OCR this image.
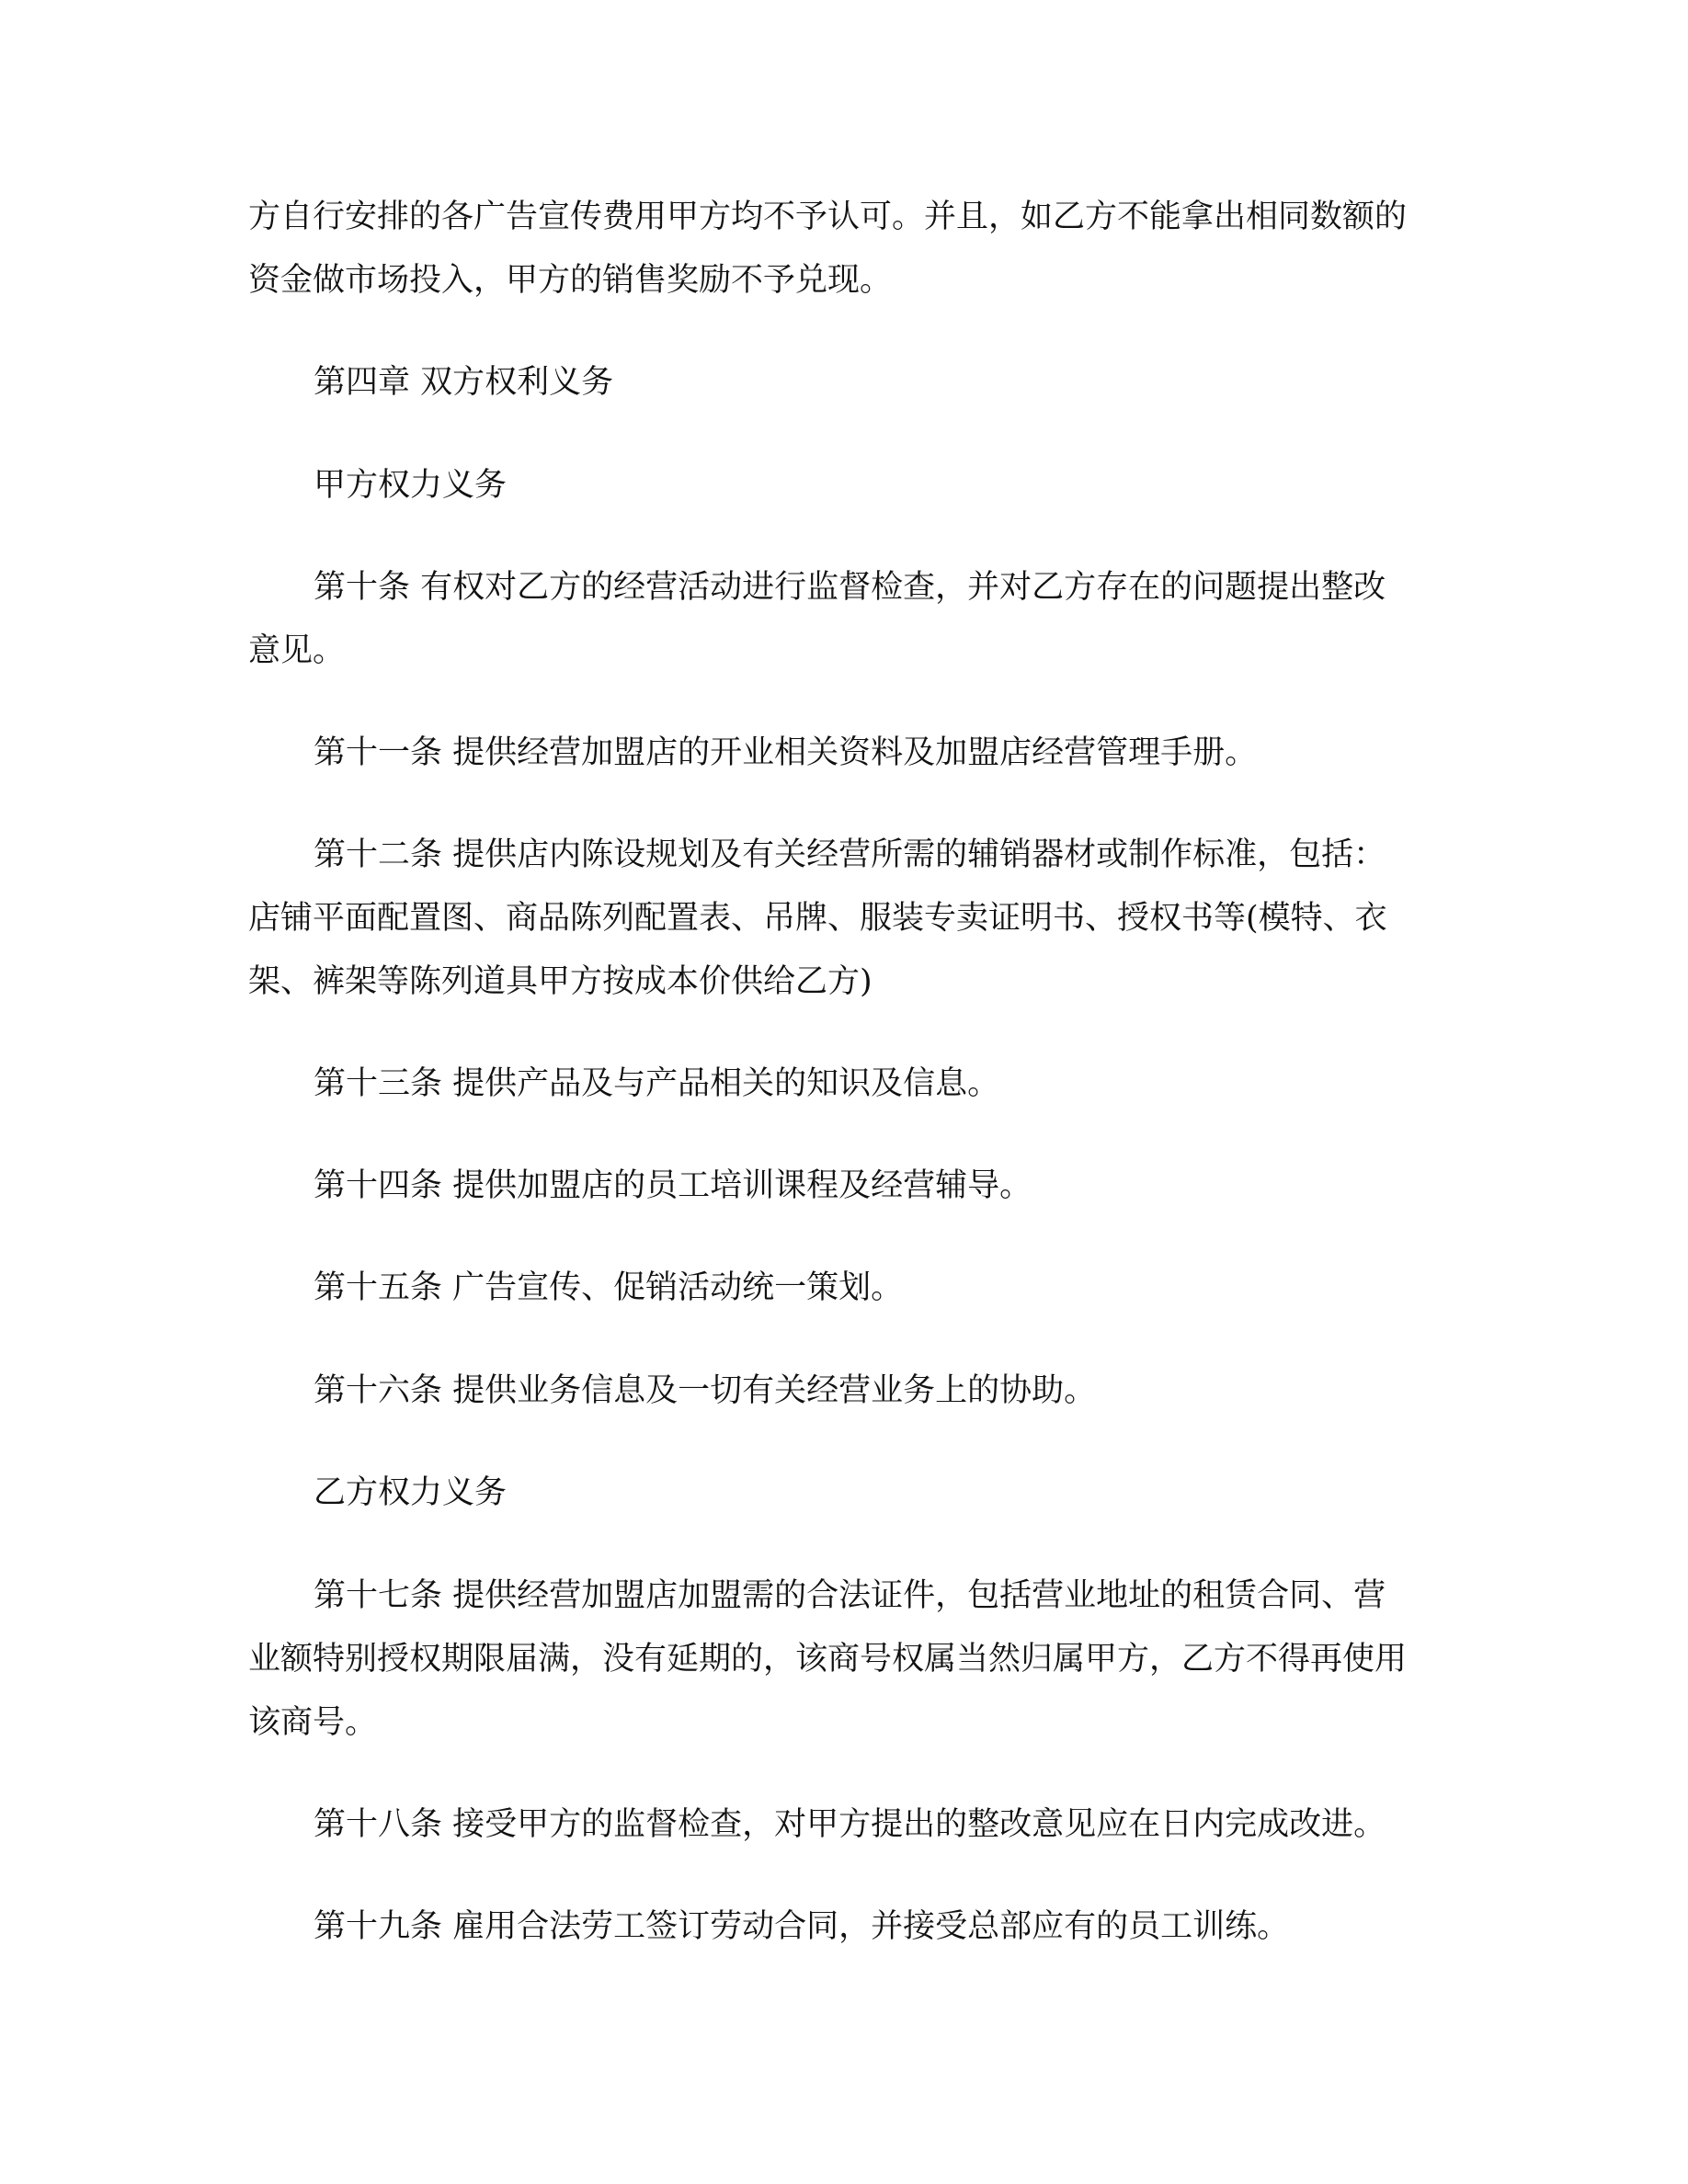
方自行安排的各广告宣传费用甲方均不予认可。并且，如乙方不能拿出相同数额的
资金做市场投入，甲方的销售奖励不予兑现。
第四章 双方权利义务
甲方权力义务
第十条 有权对乙方的经营活动进行监督检查，并对乙方存在的问题提出整改
意见。
第十一条 提供经营加盟店的开业相关资料及加盟店经营管理手册。
第十二条 提供店内陈设规划及有关经营所需的辅销器材或制作标准，包括：
店铺平面配置图、商品陈列配置表、吊牌、服装专卖证明书、授权书等(模特、衣
架、裤架等陈列道具甲方按成本价供给乙方)
第十三条 提供产品及与产品相关的知识及信息。
第十四条 提供加盟店的员工培训课程及经营辅导。
第十五条 广告宣传、促销活动统一策划。
第十六条 提供业务信息及一切有关经营业务上的协助。
乙方权力义务
第十七条 提供经营加盟店加盟需的合法证件，包括营业地址的租赁合同、营
业额特别授权期限届满，没有延期的，该商号权属当然归属甲方，乙方不得再使用
该商号。
第十八条 接受甲方的监督检查，对甲方提出的整改意见应在日内完成改进。
第十九条 雇用合法劳工签订劳动合同，并接受总部应有的员工训练。
